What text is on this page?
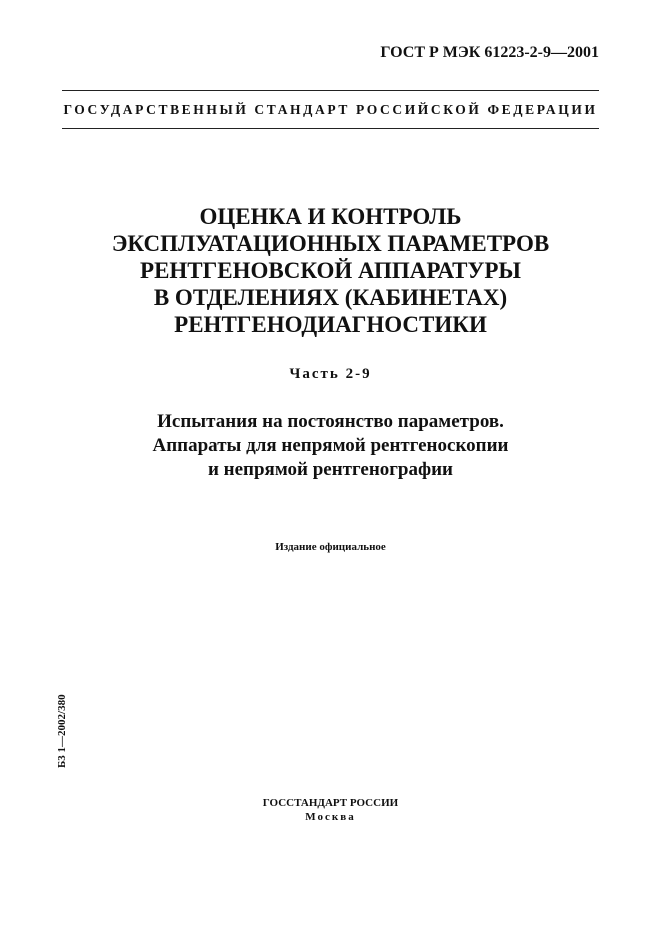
ГОСТ Р МЭК 61223-2-9—2001
ГОСУДАРСТВЕННЫЙ СТАНДАРТ РОССИЙСКОЙ ФЕДЕРАЦИИ
ОЦЕНКА И КОНТРОЛЬ
ЭКСПЛУАТАЦИОННЫХ ПАРАМЕТРОВ
РЕНТГЕНОВСКОЙ АППАРАТУРЫ
В ОТДЕЛЕНИЯХ (КАБИНЕТАХ)
РЕНТГЕНОДИАГНОСТИКИ
Часть 2-9
Испытания на постоянство параметров.
Аппараты для непрямой рентгеноскопии
и непрямой рентгенографии
Издание официальное
Б3 1—2002/380
ГОССТАНДАРТ РОССИИ
Москва
